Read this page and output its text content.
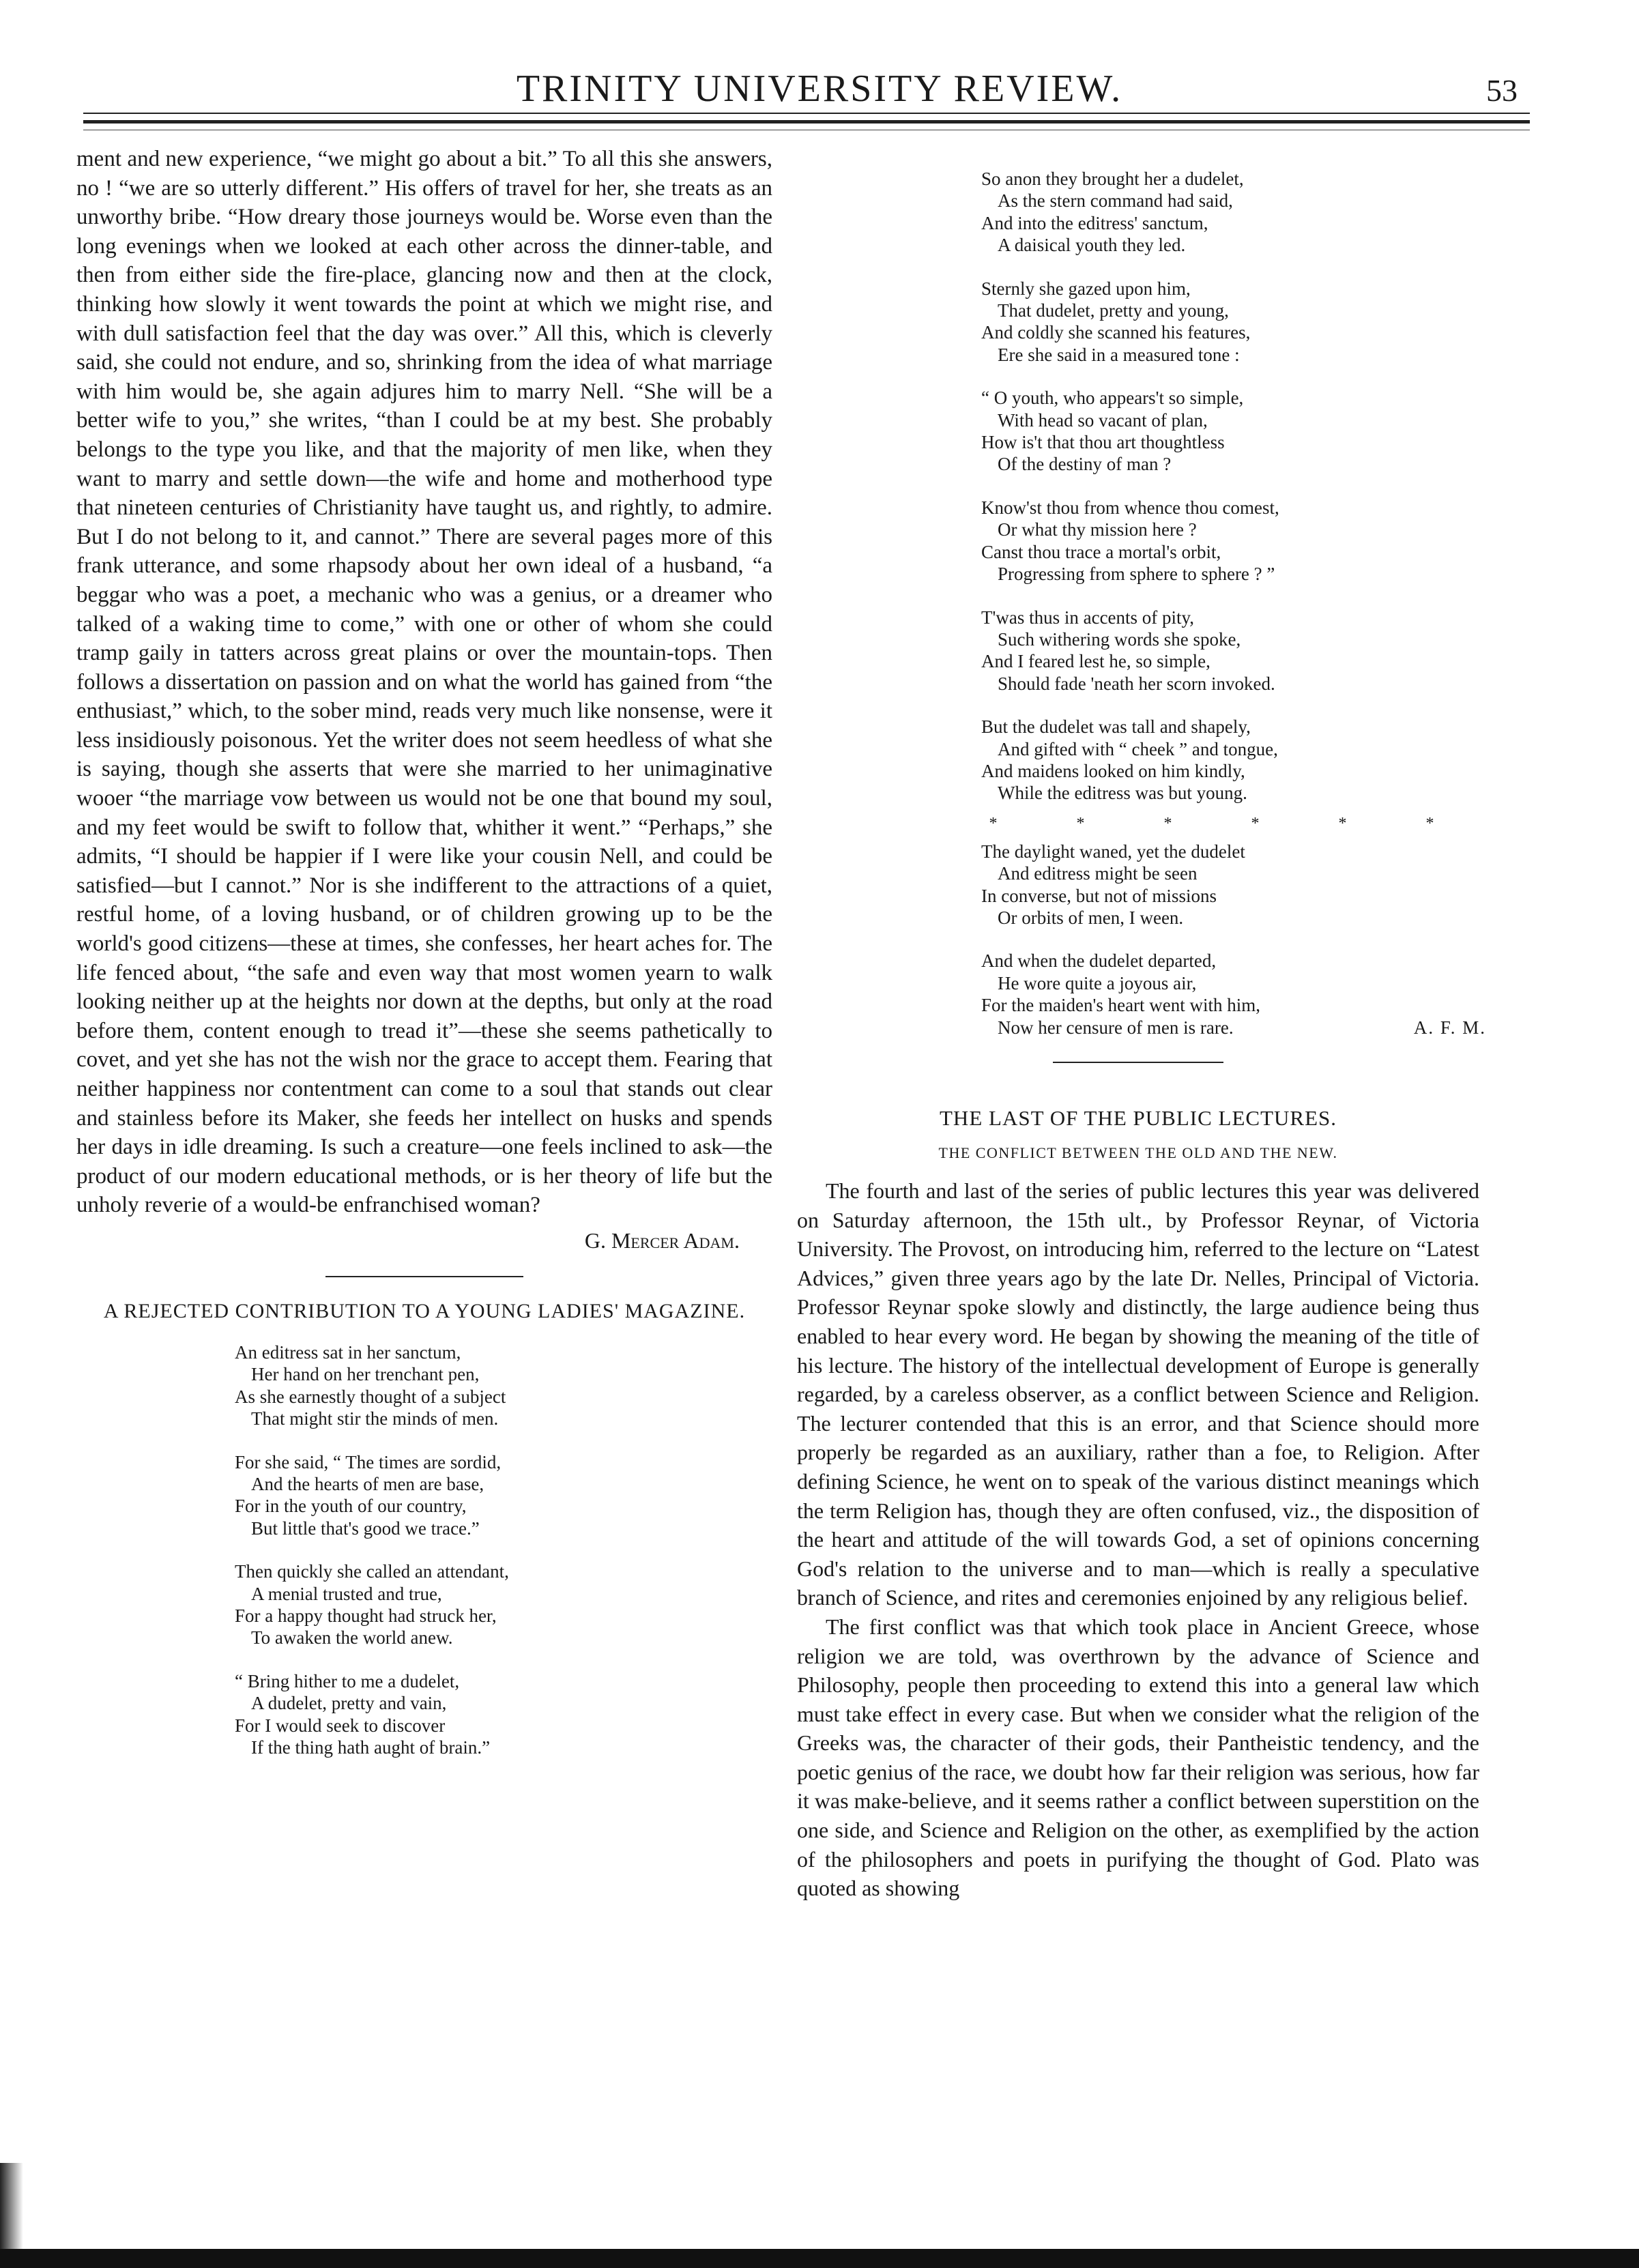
TRINITY UNIVERSITY REVIEW.	53

ment and new experience, “we might go about a bit.” To all this she answers, no ! “we are so utterly different.” His offers of travel for her, she treats as an unworthy bribe. “How dreary those journeys would be. Worse even than the long evenings when we looked at each other across the dinner-table, and then from either side the fire-place, glancing now and then at the clock, thinking how slowly it went towards the point at which we might rise, and with dull satisfaction feel that the day was over.” All this, which is cleverly said, she could not endure, and so, shrinking from the idea of what marriage with him would be, she again adjures him to marry Nell. “She will be a better wife to you,” she writes, “than I could be at my best. She probably belongs to the type you like, and that the majority of men like, when they want to marry and settle down—the wife and home and motherhood type that nineteen centuries of Christianity have taught us, and rightly, to admire. But I do not belong to it, and cannot.” There are several pages more of this frank utterance, and some rhapsody about her own ideal of a husband, “a beggar who was a poet, a mechanic who was a genius, or a dreamer who talked of a waking time to come,” with one or other of whom she could tramp gaily in tatters across great plains or over the mountain-tops. Then follows a dissertation on passion and on what the world has gained from “the enthusiast,” which, to the sober mind, reads very much like nonsense, were it less insidiously poisonous. Yet the writer does not seem heedless of what she is saying, though she asserts that were she married to her unimaginative wooer “the marriage vow between us would not be one that bound my soul, and my feet would be swift to follow that, whither it went.” “Perhaps,” she admits, “I should be happier if I were like your cousin Nell, and could be satisfied—but I cannot.” Nor is she indifferent to the attractions of a quiet, restful home, of a loving husband, or of children growing up to be the world's good citizens—these at times, she confesses, her heart aches for. The life fenced about, “the safe and even way that most women yearn to walk looking neither up at the heights nor down at the depths, but only at the road before them, content enough to tread it”—these she seems pathetically to covet, and yet she has not the wish nor the grace to accept them. Fearing that neither happiness nor contentment can come to a soul that stands out clear and stainless before its Maker, she feeds her intellect on husks and spends her days in idle dreaming. Is such a creature—one feels inclined to ask—the product of our modern educational methods, or is her theory of life but the unholy reverie of a would-be enfranchised woman?

G. Mercer Adam.

A REJECTED CONTRIBUTION TO A YOUNG LADIES' MAGAZINE.

An editress sat in her sanctum,
Her hand on her trenchant pen,
As she earnestly thought of a subject
That might stir the minds of men.
For she said, “ The times are sordid,
And the hearts of men are base,
For in the youth of our country,
But little that's good we trace.”
Then quickly she called an attendant,
A menial trusted and true,
For a happy thought had struck her,
To awaken the world anew.
“ Bring hither to me a dudelet,
A dudelet, pretty and vain,
For I would seek to discover
If the thing hath aught of brain.”
So anon they brought her a dudelet,
As the stern command had said,
And into the editress' sanctum,
A daisical youth they led.
Sternly she gazed upon him,
That dudelet, pretty and young,
And coldly she scanned his features,
Ere she said in a measured tone :
“ O youth, who appears't so simple,
With head so vacant of plan,
How is't that thou art thoughtless
Of the destiny of man ?
Know'st thou from whence thou comest,
Or what thy mission here ?
Canst thou trace a mortal's orbit,
Progressing from sphere to sphere ? ”
T'was thus in accents of pity,
Such withering words she spoke,
And I feared lest he, so simple,
Should fade 'neath her scorn invoked.
But the dudelet was tall and shapely,
And gifted with “ cheek ” and tongue,
And maidens looked on him kindly,
While the editress was but young.
* * * * * *
The daylight waned, yet the dudelet
And editress might be seen
In converse, but not of missions
Or orbits of men, I ween.
And when the dudelet departed,
He wore quite a joyous air,
For the maiden's heart went with him,
Now her censure of men is rare.	A. F. M.

THE LAST OF THE PUBLIC LECTURES.

THE CONFLICT BETWEEN THE OLD AND THE NEW.

The fourth and last of the series of public lectures this year was delivered on Saturday afternoon, the 15th ult., by Professor Reynar, of Victoria University. The Provost, on introducing him, referred to the lecture on “Latest Advices,” given three years ago by the late Dr. Nelles, Principal of Victoria. Professor Reynar spoke slowly and distinctly, the large audience being thus enabled to hear every word. He began by showing the meaning of the title of his lecture. The history of the intellectual development of Europe is generally regarded, by a careless observer, as a conflict between Science and Religion. The lecturer contended that this is an error, and that Science should more properly be regarded as an auxiliary, rather than a foe, to Religion. After defining Science, he went on to speak of the various distinct meanings which the term Religion has, though they are often confused, viz., the disposition of the heart and attitude of the will towards God, a set of opinions concerning God's relation to the universe and to man—which is really a speculative branch of Science, and rites and ceremonies enjoined by any religious belief.

The first conflict was that which took place in Ancient Greece, whose religion we are told, was overthrown by the advance of Science and Philosophy, people then proceeding to extend this into a general law which must take effect in every case. But when we consider what the religion of the Greeks was, the character of their gods, their Pantheistic tendency, and the poetic genius of the race, we doubt how far their religion was serious, how far it was make-believe, and it seems rather a conflict between superstition on the one side, and Science and Religion on the other, as exemplified by the action of the philosophers and poets in purifying the thought of God. Plato was quoted as showing
